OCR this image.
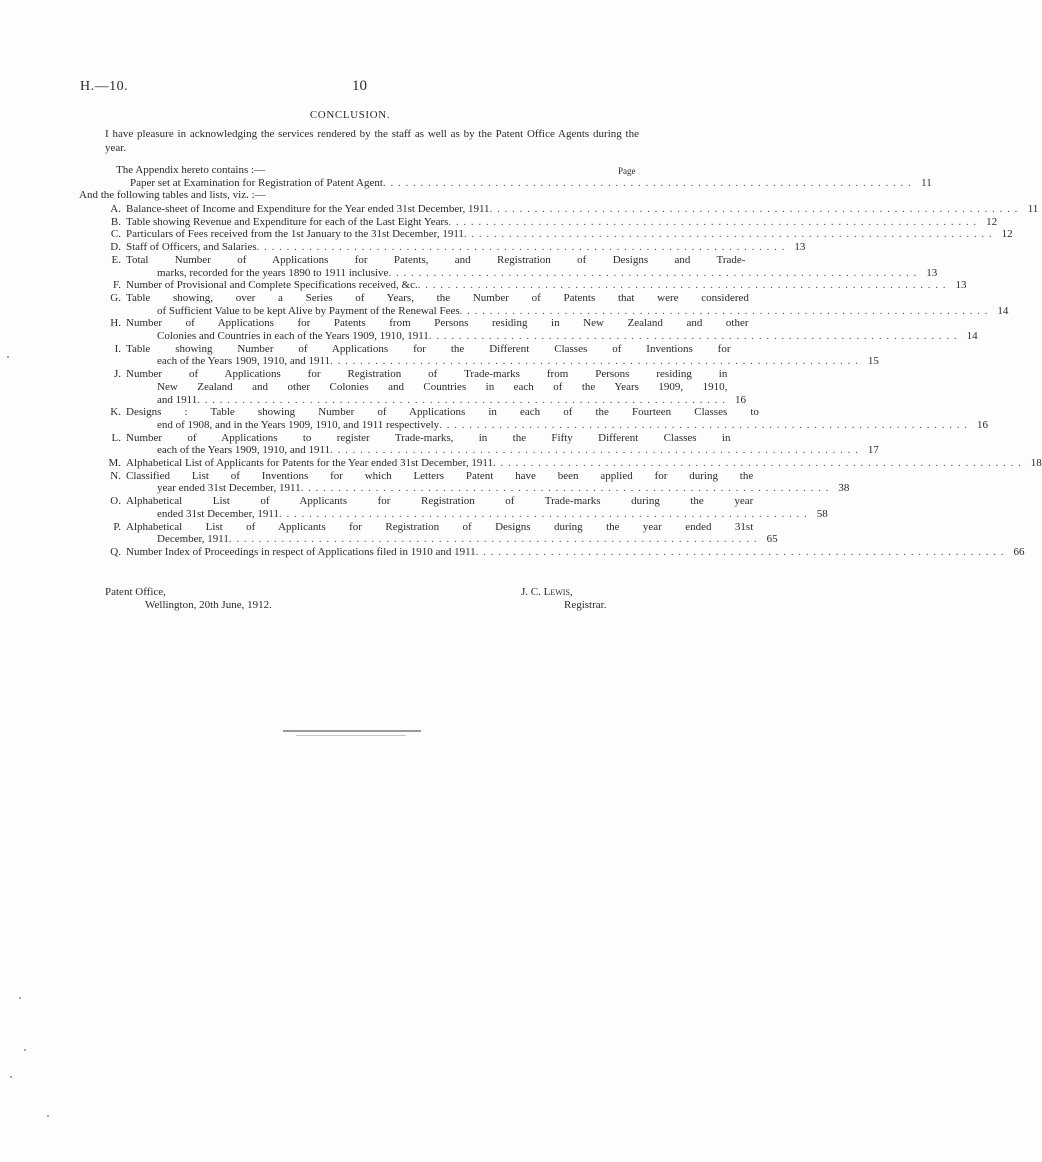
H.—10.	10
CONCLUSION.
I have pleasure in acknowledging the services rendered by the staff as well as by the Patent Office Agents during the year.
The Appendix hereto contains :—	Page
Paper set at Examination for Registration of Patent Agent . . . . . . . . . . . . . . . . . . . . . . . . . . . . . . . . . . . . . . . . . . . . . . . . . . . . . . . . . . . . . . . . . . . . . . . 11
And the following tables and lists, viz. :—
A. Balance-sheet of Income and Expenditure for the Year ended 31st December, 1911 . . . . . . . . . . . . . . . . . . . . . . . . . . . . . . . . . . . . . . . . . . . . . . . . . . . . . . . . . . . . . . . . . . . . . . . 11
B. Table showing Revenue and Expenditure for each of the Last Eight Years . . . . . . . . . . . . . . . . . . . . . . . . . . . . . . . . . . . . . . . . . . . . . . . . . . . . . . . . . . . . . . . . . . . . . . . 12
C. Particulars of Fees received from the 1st January to the 31st December, 1911 . . . . . . . . . . . . . . . . . . . . . . . . . . . . . . . . . . . . . . . . . . . . . . . . . . . . . . . . . . . . . . . . . . . . . . . 12
D. Staff of Officers, and Salaries . . . . . . . . . . . . . . . . . . . . . . . . . . . . . . . . . . . . . . . . . . . . . . . . . . . . . . . . . . . . . . . . . . . . . . . 13
E. Total Number of Applications for Patents, and Registration of Designs and Trade-
marks, recorded for the years 1890 to 1911 inclusive . . . . . . . . . . . . . . . . . . . . . . . . . . . . . . . . . . . . . . . . . . . . . . . . . . . . . . . . . . . . . . . . . . . . . . . 13
F. Number of Provisional and Complete Specifications received, &c. . . . . . . . . . . . . . . . . . . . . . . . . . . . . . . . . . . . . . . . . . . . . . . . . . . . . . . . . . . . . . . . . . . . . . . . 13
G. Table showing, over a Series of Years, the Number of Patents that were considered
of Sufficient Value to be kept Alive by Payment of the Renewal Fees . . . . . . . . . . . . . . . . . . . . . . . . . . . . . . . . . . . . . . . . . . . . . . . . . . . . . . . . . . . . . . . . . . . . . . . 14
H. Number of Applications for Patents from Persons residing in New Zealand and other
Colonies and Countries in each of the Years 1909, 1910, 1911 . . . . . . . . . . . . . . . . . . . . . . . . . . . . . . . . . . . . . . . . . . . . . . . . . . . . . . . . . . . . . . . . . . . . . . . 14
I. Table showing Number of Applications for the Different Classes of Inventions for
each of the Years 1909, 1910, and 1911 . . . . . . . . . . . . . . . . . . . . . . . . . . . . . . . . . . . . . . . . . . . . . . . . . . . . . . . . . . . . . . . . . . . . . . . 15
J. Number of Applications for Registration of Trade-marks from Persons residing in
New Zealand and other Colonies and Countries in each of the Years 1909, 1910,
and 1911 . . . . . . . . . . . . . . . . . . . . . . . . . . . . . . . . . . . . . . . . . . . . . . . . . . . . . . . . . . . . . . . . . . . . . . . 16
K. Designs : Table showing Number of Applications in each of the Fourteen Classes to
end of 1908, and in the Years 1909, 1910, and 1911 respectively . . . . . . . . . . . . . . . . . . . . . . . . . . . . . . . . . . . . . . . . . . . . . . . . . . . . . . . . . . . . . . . . . . . . . . . 16
L. Number of Applications to register Trade-marks, in the Fifty Different Classes in
each of the Years 1909, 1910, and 1911 . . . . . . . . . . . . . . . . . . . . . . . . . . . . . . . . . . . . . . . . . . . . . . . . . . . . . . . . . . . . . . . . . . . . . . . 17
M. Alphabetical List of Applicants for Patents for the Year ended 31st December, 1911 . . . . . . . . . . . . . . . . . . . . . . . . . . . . . . . . . . . . . . . . . . . . . . . . . . . . . . . . . . . . . . . . . . . . . . . 18
N. Classified List of Inventions for which Letters Patent have been applied for during the
year ended 31st December, 1911 . . . . . . . . . . . . . . . . . . . . . . . . . . . . . . . . . . . . . . . . . . . . . . . . . . . . . . . . . . . . . . . . . . . . . . . 38
O. Alphabetical List of Applicants for Registration of Trade-marks during the year
ended 31st December, 1911 . . . . . . . . . . . . . . . . . . . . . . . . . . . . . . . . . . . . . . . . . . . . . . . . . . . . . . . . . . . . . . . . . . . . . . . 58
P. Alphabetical List of Applicants for Registration of Designs during the year ended 31st
December, 1911 . . . . . . . . . . . . . . . . . . . . . . . . . . . . . . . . . . . . . . . . . . . . . . . . . . . . . . . . . . . . . . . . . . . . . . . 65
Q. Number Index of Proceedings in respect of Applications filed in 1910 and 1911 . . . . . . . . . . . . . . . . . . . . . . . . . . . . . . . . . . . . . . . . . . . . . . . . . . . . . . . . . . . . . . . . . . . . . . . 66
Patent Office,
Wellington, 20th June, 1912.
J. C. Lewis,
Registrar.
